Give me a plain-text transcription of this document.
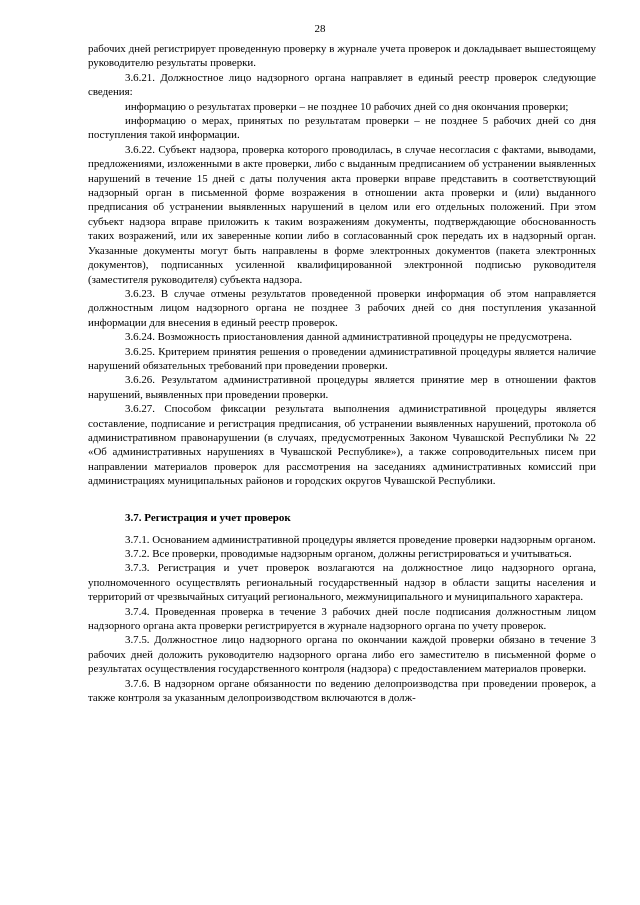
28

рабочих дней регистрирует проведенную проверку в журнале учета проверок и докладывает вышестоящему руководителю результаты проверки.

3.6.21. Должностное лицо надзорного органа направляет в единый реестр проверок следующие сведения:

информацию о результатах проверки – не позднее 10 рабочих дней со дня окончания проверки;

информацию о мерах, принятых по результатам проверки – не позднее 5 рабочих дней со дня поступления такой информации.

3.6.22. Субъект надзора, проверка которого проводилась, в случае несогласия с фактами, выводами, предложениями, изложенными в акте проверки, либо с выданным предписанием об устранении выявленных нарушений в течение 15 дней с даты получения акта проверки вправе представить в соответствующий надзорный орган в письменной форме возражения в отношении акта проверки и (или) выданного предписания об устранении выявленных нарушений в целом или его отдельных положений. При этом субъект надзора вправе приложить к таким возражениям документы, подтверждающие обоснованность таких возражений, или их заверенные копии либо в согласованный срок передать их в надзорный орган. Указанные документы могут быть направлены в форме электронных документов (пакета электронных документов), подписанных усиленной квалифицированной электронной подписью руководителя (заместителя руководителя) субъекта надзора.

3.6.23. В случае отмены результатов проведенной проверки информация об этом направляется должностным лицом надзорного органа не позднее 3 рабочих дней со дня поступления указанной информации для внесения в единый реестр проверок.

3.6.24. Возможность приостановления данной административной процедуры не предусмотрена.

3.6.25. Критерием принятия решения о проведении административной процедуры является наличие нарушений обязательных требований при проведении проверки.

3.6.26. Результатом административной процедуры является принятие мер в отношении фактов нарушений, выявленных при проведении проверки.

3.6.27. Способом фиксации результата выполнения административной процедуры является составление, подписание и регистрация предписания, об устранении выявленных нарушений, протокола об административном правонарушении (в случаях, предусмотренных Законом Чувашской Республики № 22 «Об административных нарушениях в Чувашской Республике»), а также сопроводительных писем при направлении материалов проверок для рассмотрения на заседаниях административных комиссий при администрациях муниципальных районов и городских округов Чувашской Республики.

3.7. Регистрация и учет проверок

3.7.1. Основанием административной процедуры является проведение проверки надзорным органом.

3.7.2. Все проверки, проводимые надзорным органом, должны регистрироваться и учитываться.

3.7.3. Регистрация и учет проверок возлагаются на должностное лицо надзорного органа, уполномоченного осуществлять региональный государственный надзор в области защиты населения и территорий от чрезвычайных ситуаций регионального, межмуниципального и муниципального характера.

3.7.4. Проведенная проверка в течение 3 рабочих дней после подписания должностным лицом надзорного органа акта проверки регистрируется в журнале надзорного органа по учету проверок.

3.7.5. Должностное лицо надзорного органа по окончании каждой проверки обязано в течение 3 рабочих дней доложить руководителю надзорного органа либо его заместителю в письменной форме о результатах осуществления государственного контроля (надзора) с предоставлением материалов проверки.

3.7.6. В надзорном органе обязанности по ведению делопроизводства при проведении проверок, а также контроля за указанным делопроизводством включаются в долж-
